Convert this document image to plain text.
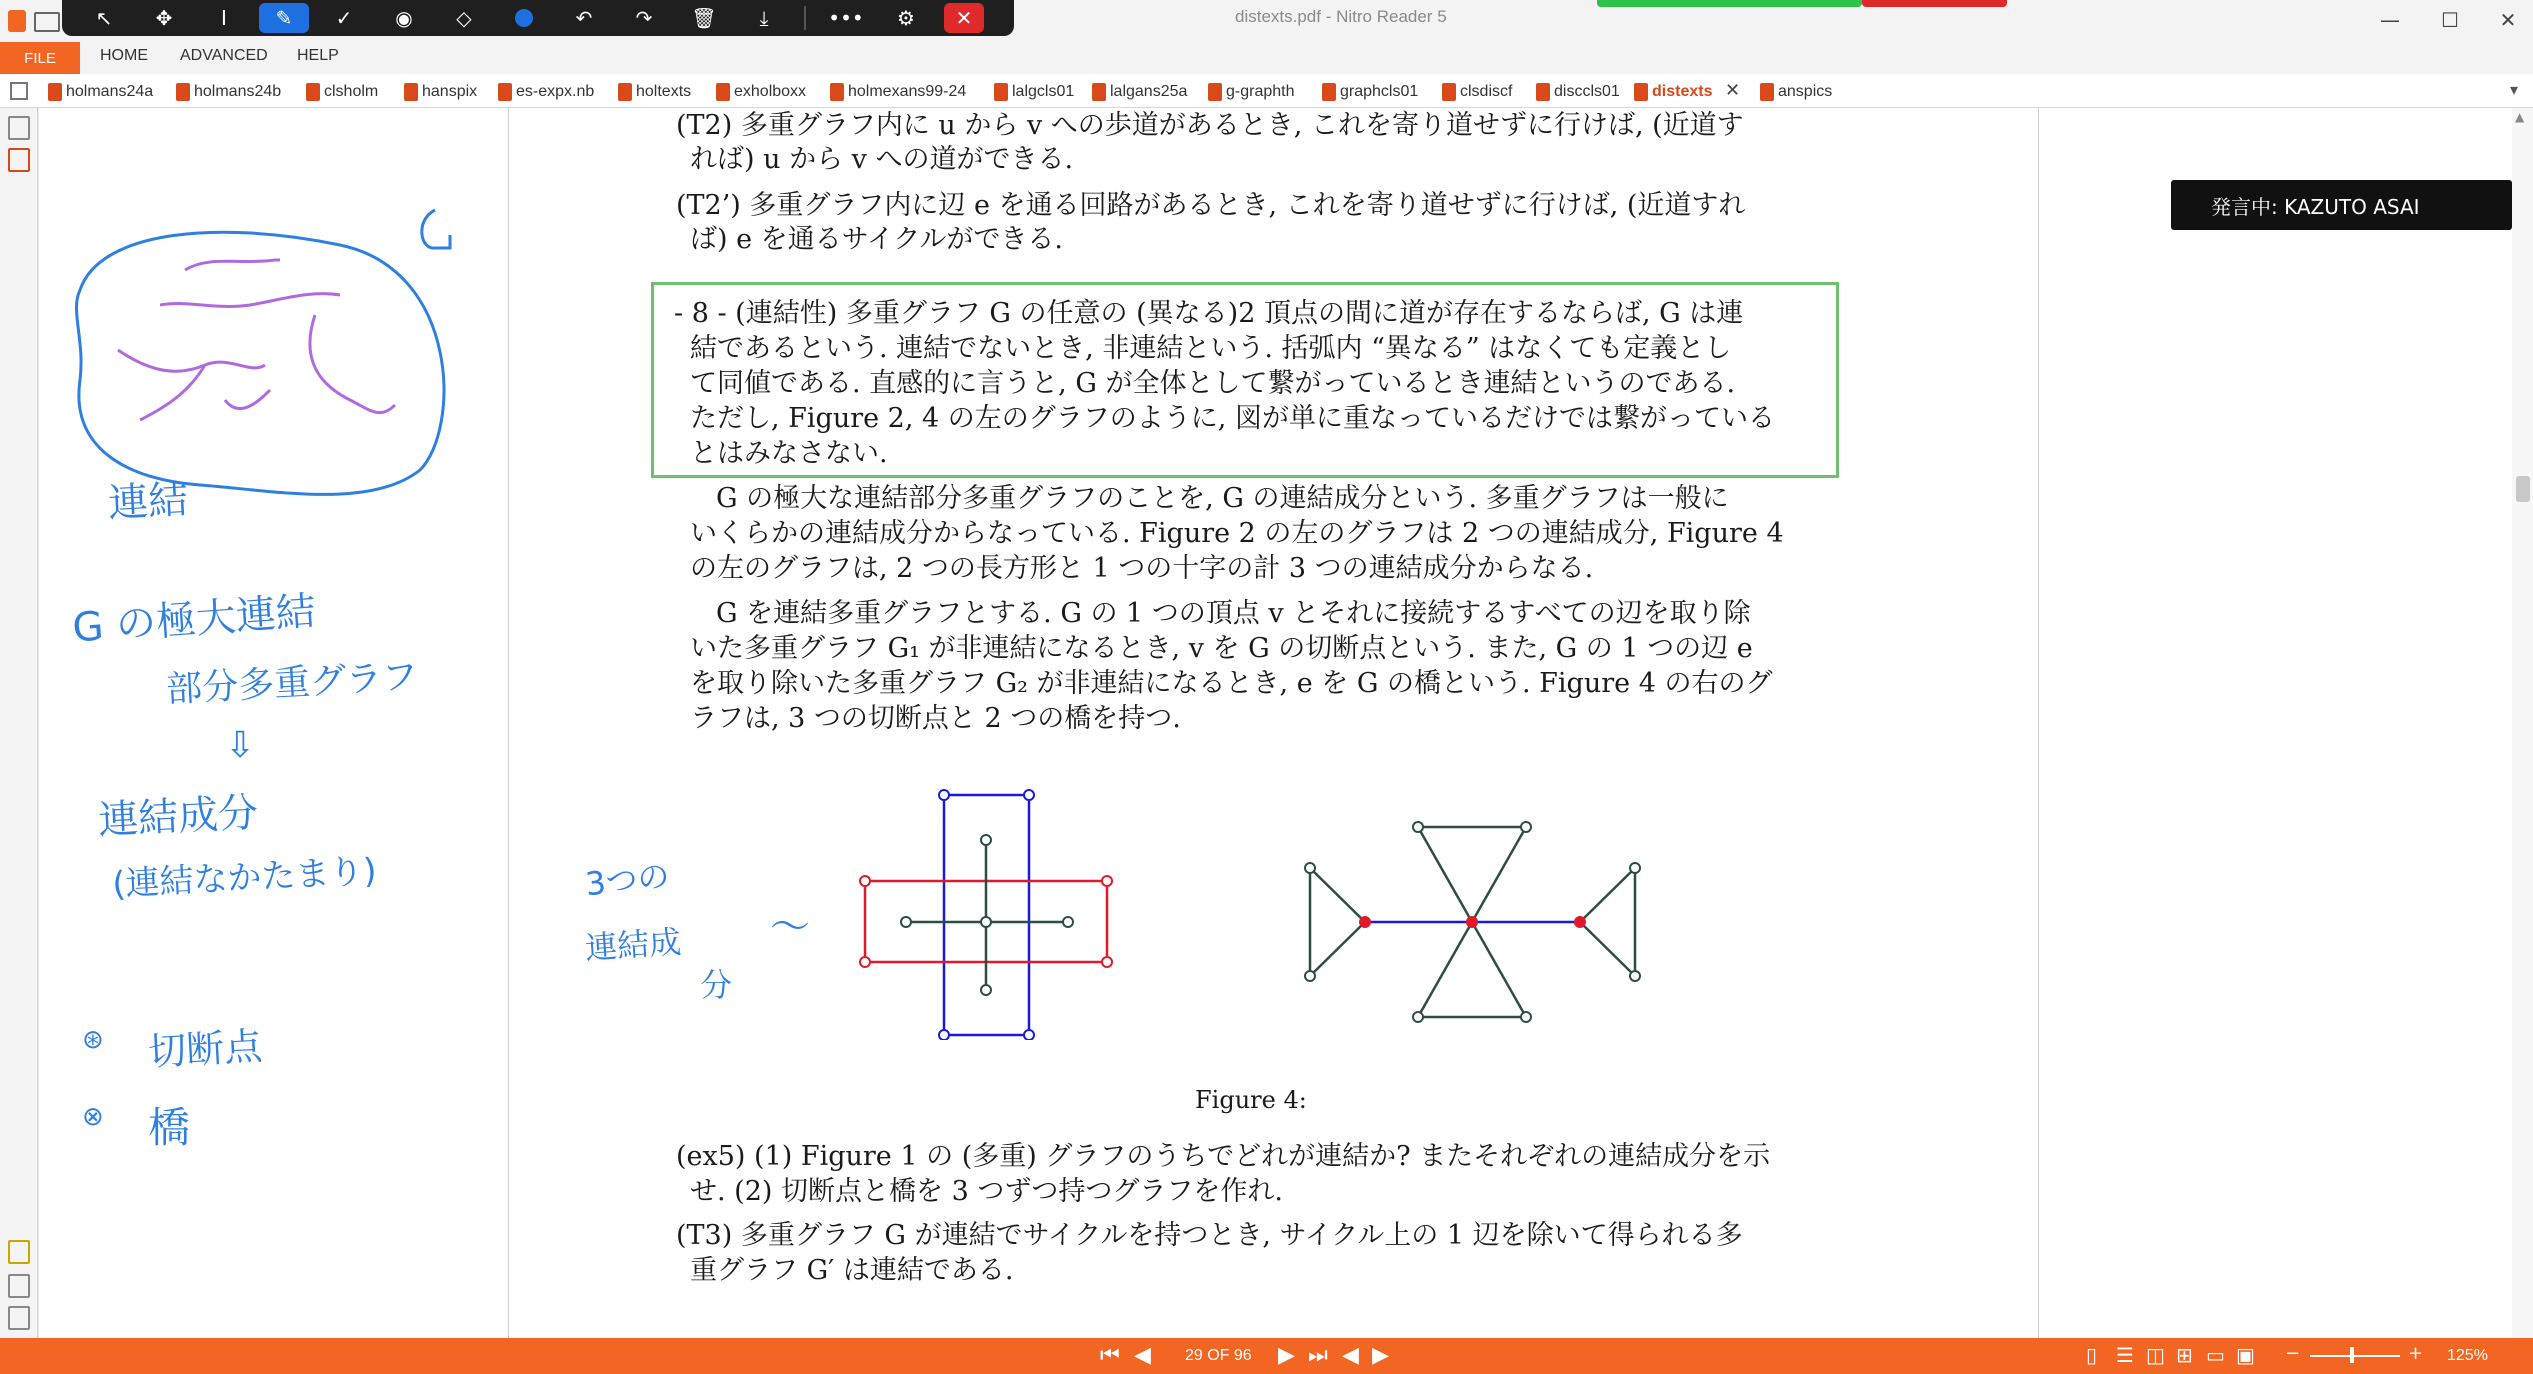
distexts.pdf - Nitro Reader 5	—	☐	✕
↖	✥	I	✎	✓	◉	◇	↶	↷	🗑	⤓	•••	⚙	✕
FILE	HOME ADVANCED HELP
holmans24a	holmans24b	clsholm	hanspix es-expx.nb	holtexts	exholboxx	holmexans99-24	lalgcls01 lalgans25a g-graphth	graphcls01	clsdiscf	disccls01 distexts ✕ anspics	▾
▲
(T2) 多重グラフ内に u から v への歩道があるとき, これを寄り道せずに行けば, (近道す
れば) u から v への道ができる.
(T2’) 多重グラフ内に辺 e を通る回路があるとき, これを寄り道せずに行けば, (近道すれ
ば) e を通るサイクルができる.
- 8 - (連結性) 多重グラフ G の任意の (異なる)2 頂点の間に道が存在するならば, G は連
結であるという. 連結でないとき, 非連結という. 括弧内 “異なる” はなくても定義とし
て同値である. 直感的に言うと, G が全体として繋がっているとき連結というのである.
ただし, Figure 2, 4 の左のグラフのように, 図が単に重なっているだけでは繋がっている
とはみなさない.
G の極大な連結部分多重グラフのことを, G の連結成分という. 多重グラフは一般に
いくらかの連結成分からなっている. Figure 2 の左のグラフは 2 つの連結成分, Figure 4
の左のグラフは, 2 つの長方形と 1 つの十字の計 3 つの連結成分からなる.
G を連結多重グラフとする. G の 1 つの頂点 v とそれに接続するすべての辺を取り除
いた多重グラフ G₁ が非連結になるとき, v を G の切断点という. また, G の 1 つの辺 e
を取り除いた多重グラフ G₂ が非連結になるとき, e を G の橋という. Figure 4 の右のグ
ラフは, 3 つの切断点と 2 つの橋を持つ.
Figure 4:
(ex5) (1) Figure 1 の (多重) グラフのうちでどれが連結か? またそれぞれの連結成分を示
せ. (2) 切断点と橋を 3 つずつ持つグラフを作れ.
(T3) 多重グラフ G が連結でサイクルを持つとき, サイクル上の 1 辺を除いて得られる多
重グラフ G′ は連結である.
連結
G の極大連結
部分多重グラフ
⇩
連結成分
(連結なかたまり)	3つの
連結成
分
〜
⊛ 切断点
⊗ 橋
発言中: KAZUTO ASAI
⏮ ◀ 29 OF 96 ▶ ⏭ ◀ ▶	▯ ☰ ◫ ⊞ ▭ ▣ −	+ 125%
